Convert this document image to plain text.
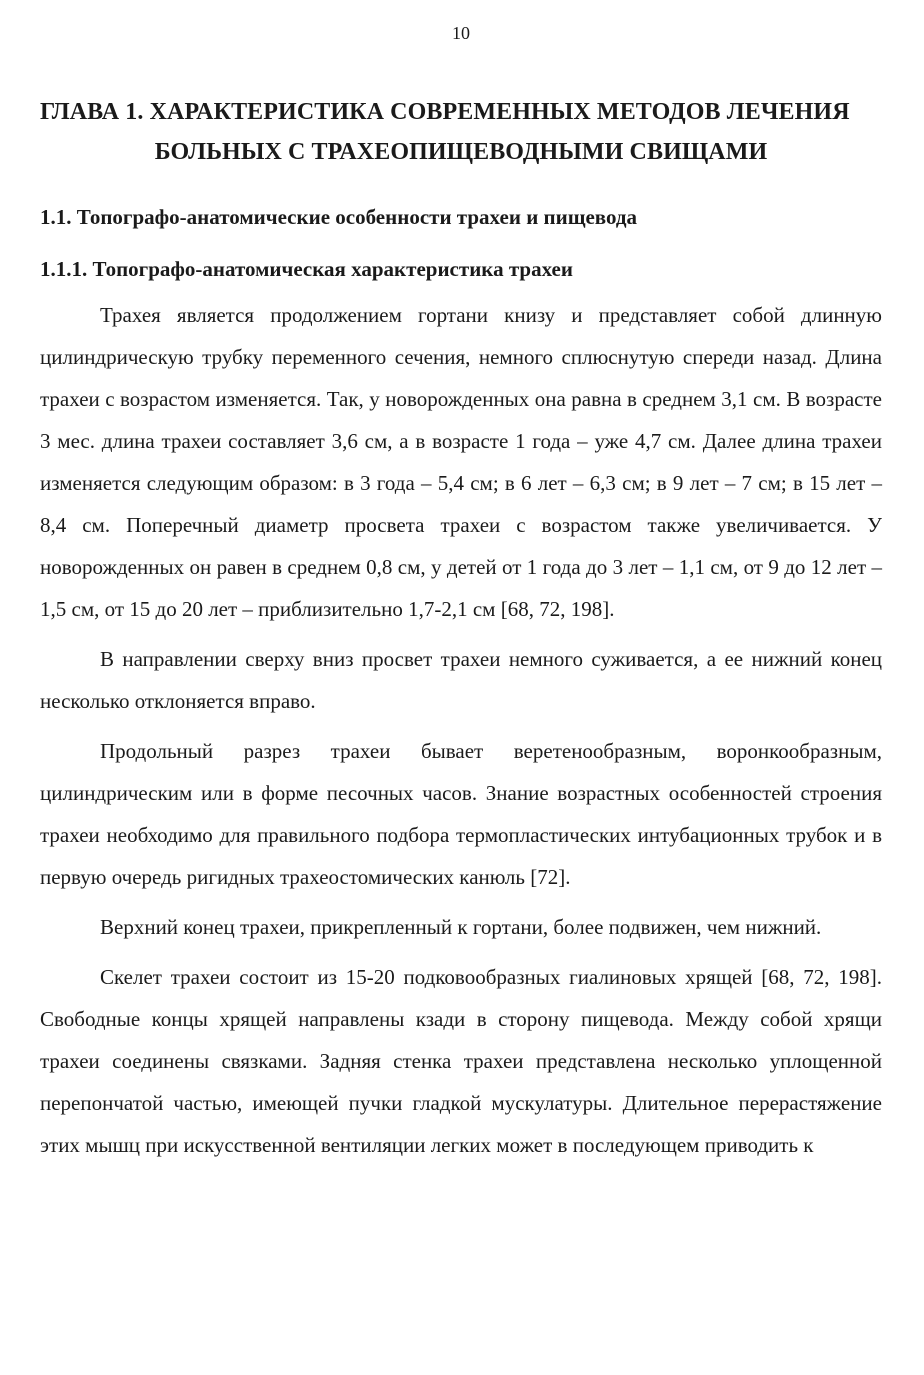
10
ГЛАВА 1. ХАРАКТЕРИСТИКА СОВРЕМЕННЫХ МЕТОДОВ ЛЕЧЕНИЯ
БОЛЬНЫХ С ТРАХЕОПИЩЕВОДНЫМИ СВИЩАМИ
1.1. Топографо-анатомические особенности трахеи и пищевода
1.1.1. Топографо-анатомическая характеристика трахеи

Трахея является продолжением гортани книзу и представляет собой длинную цилиндрическую трубку переменного сечения, немного сплюснутую спереди назад. Длина трахеи с возрастом изменяется. Так, у новорожденных она равна в среднем 3,1 см. В возрасте 3 мес. длина трахеи составляет 3,6 см, а в возрасте 1 года – уже 4,7 см. Далее длина трахеи изменяется следующим образом: в 3 года – 5,4 см; в 6 лет – 6,3 см; в 9 лет – 7 см; в 15 лет – 8,4 см. Поперечный диаметр просвета трахеи с возрастом также увеличивается. У новорожденных он равен в среднем 0,8 см, у детей от 1 года до 3 лет – 1,1 см, от 9 до 12 лет – 1,5 см, от 15 до 20 лет – приблизительно 1,7-2,1 см [68, 72, 198].

В направлении сверху вниз просвет трахеи немного суживается, а ее нижний конец несколько отклоняется вправо.

Продольный разрез трахеи бывает веретенообразным, воронкообразным, цилиндрическим или в форме песочных часов. Знание возрастных особенностей строения трахеи необходимо для правильного подбора термопластических интубационных трубок и в первую очередь ригидных трахеостомических канюль [72].

Верхний конец трахеи, прикрепленный к гортани, более подвижен, чем нижний.

Скелет трахеи состоит из 15-20 подковообразных гиалиновых хрящей [68, 72, 198]. Свободные концы хрящей направлены кзади в сторону пищевода. Между собой хрящи трахеи соединены связками. Задняя стенка трахеи представлена несколько уплощенной перепончатой частью, имеющей пучки гладкой мускулатуры. Длительное перерастяжение этих мышц при искусственной вентиляции легких может в последующем приводить к
